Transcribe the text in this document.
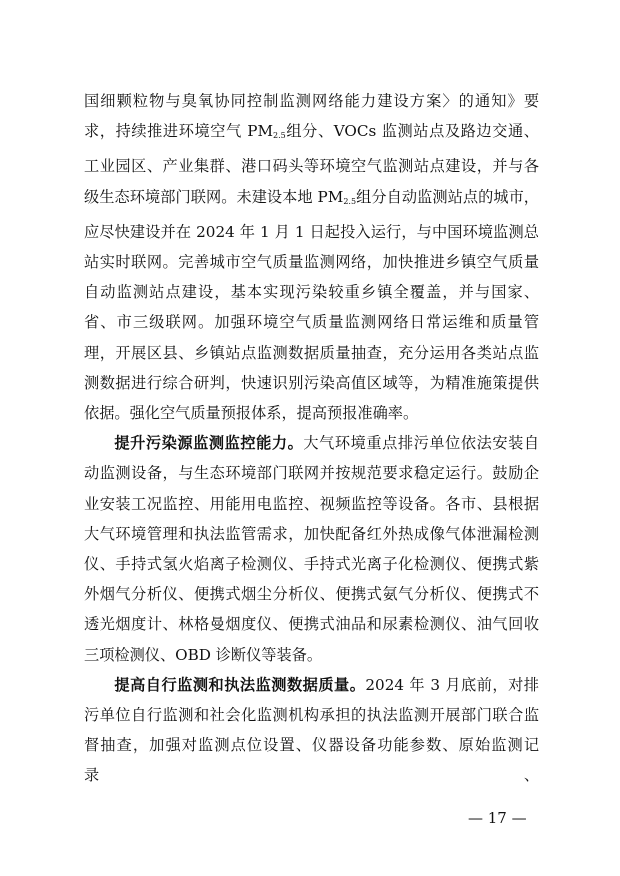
国细颗粒物与臭氧协同控制监测网络能力建设方案〉的通知》要求，持续推进环境空气 $PM_{2.5}$组分、VOCs 监测站点及路边交通、工业园区、产业集群、港口码头等环境空气监测站点建设，并与各级生态环境部门联网。未建设本地 $PM_{2.5}$组分自动监测站点的城市，应尽快建设并在 2024 年 1 月 1 日起投入运行，与中国环境监测总站实时联网。完善城市空气质量监测网络，加快推进乡镇空气质量自动监测站点建设，基本实现污染较重乡镇全覆盖，并与国家、省、市三级联网。加强环境空气质量监测网络日常运维和质量管理，开展区县、乡镇站点监测数据质量抽查，充分运用各类站点监测数据进行综合研判，快速识别污染高值区域等，为精准施策提供依据。强化空气质量预报体系，提高预报准确率。

提升污染源监测监控能力。大气环境重点排污单位依法安装自动监测设备，与生态环境部门联网并按规范要求稳定运行。鼓励企业安装工况监控、用能用电监控、视频监控等设备。各市、县根据大气环境管理和执法监管需求，加快配备红外热成像气体泄漏检测仪、手持式氢火焰离子检测仪、手持式光离子化检测仪、便携式紫外烟气分析仪、便携式烟尘分析仪、便携式氨气分析仪、便携式不透光烟度计、林格曼烟度仪、便携式油品和尿素检测仪、油气回收三项检测仪、OBD 诊断仪等装备。

提高自行监测和执法监测数据质量。2024 年 3 月底前，对排污单位自行监测和社会化监测机构承担的执法监测开展部门联合监督抽查，加强对监测点位设置、仪器设备功能参数、原始监测记录、

— 17 —
